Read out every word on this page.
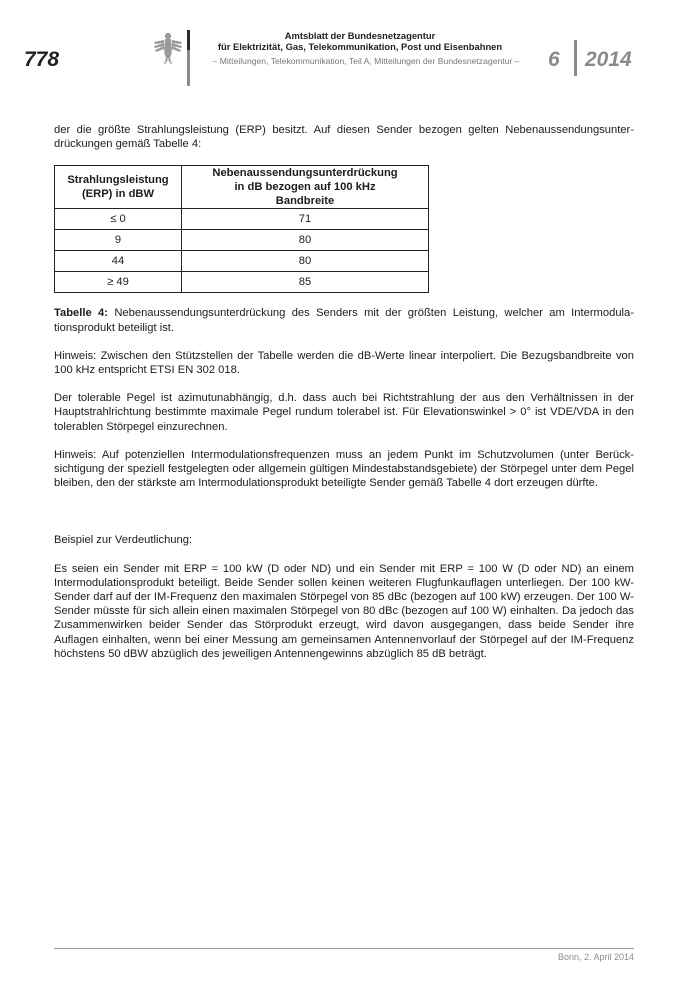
778
Amtsblatt der Bundesnetzagentur
für Elektrizität, Gas, Telekommunikation, Post und Eisenbahnen
– Mitteilungen, Telekommunikation, Teil A, Mitteilungen der Bundesnetzagentur –	6 2014

der die größte Strahlungsleistung (ERP) besitzt. Auf diesen Sender bezogen gelten Nebenaussendungsunterdrückungen gemäß Tabelle 4:

Strahlungsleistung (ERP) in dBW	Nebenaussendungsunterdrückung in dB bezogen auf 100 kHz Bandbreite
≤ 0	71
9	80
44	80
≥ 49	85

Tabelle 4: Nebenaussendungsunterdrückung des Senders mit der größten Leistung, welcher am Intermodulationsprodukt beteiligt ist.

Hinweis: Zwischen den Stützstellen der Tabelle werden die dB-Werte linear interpoliert. Die Bezugsbandbreite von 100 kHz entspricht ETSI EN 302 018.

Der tolerable Pegel ist azimutunabhängig, d.h. dass auch bei Richtstrahlung der aus den Verhältnissen in der Hauptstrahlrichtung bestimmte maximale Pegel rundum tolerabel ist. Für Elevationswinkel > 0° ist VDE/VDA in den tolerablen Störpegel einzurechnen.

Hinweis: Auf potenziellen Intermodulationsfrequenzen muss an jedem Punkt im Schutzvolumen (unter Berücksichtigung der speziell festgelegten oder allgemein gültigen Mindestabstandsgebiete) der Störpegel unter dem Pegel bleiben, den der stärkste am Intermodulationsprodukt beteiligte Sender gemäß Tabelle 4 dort erzeugen dürfte.

Beispiel zur Verdeutlichung:

Es seien ein Sender mit ERP = 100 kW (D oder ND) und ein Sender mit ERP = 100 W (D oder ND) an einem Intermodulationsprodukt beteiligt. Beide Sender sollen keinen weiteren Flugfunkauflagen unterliegen. Der 100 kW-Sender darf auf der IM-Frequenz den maximalen Störpegel von 85 dBc (bezogen auf 100 kW) erzeugen. Der 100 W-Sender müsste für sich allein einen maximalen Störpegel von 80 dBc (bezogen auf 100 W) einhalten. Da jedoch das Zusammenwirken beider Sender das Störprodukt erzeugt, wird davon ausgegangen, dass beide Sender ihre Auflagen einhalten, wenn bei einer Messung am gemeinsamen Antennenvorlauf der Störpegel auf der IM-Frequenz höchstens 50 dBW abzüglich des jeweiligen Antennengewinns abzüglich 85 dB beträgt.

Bonn, 2. April 2014
